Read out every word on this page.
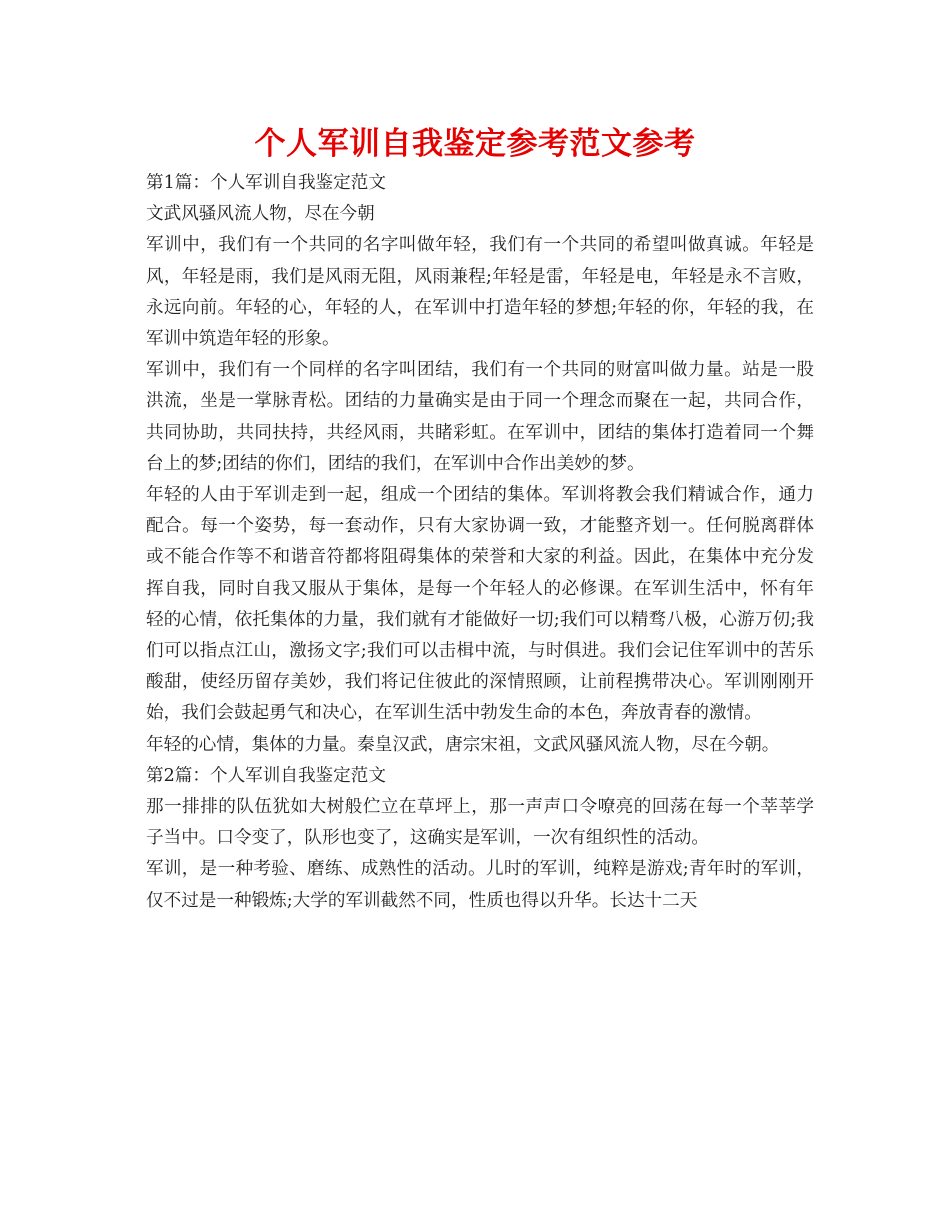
个人军训自我鉴定参考范文参考

第1篇：个人军训自我鉴定范文

文武风骚风流人物，尽在今朝

军训中，我们有一个共同的名字叫做年轻，我们有一个共同的希望叫做真诚。年轻是风，年轻是雨，我们是风雨无阻，风雨兼程;年轻是雷，年轻是电，年轻是永不言败，永远向前。年轻的心，年轻的人，在军训中打造年轻的梦想;年轻的你，年轻的我，在军训中筑造年轻的形象。

军训中，我们有一个同样的名字叫团结，我们有一个共同的财富叫做力量。站是一股洪流，坐是一掌脉青松。团结的力量确实是由于同一个理念而聚在一起，共同合作，共同协助，共同扶持，共经风雨，共睹彩虹。在军训中，团结的集体打造着同一个舞台上的梦;团结的你们，团结的我们，在军训中合作出美妙的梦。

年轻的人由于军训走到一起，组成一个团结的集体。军训将教会我们精诚合作，通力配合。每一个姿势，每一套动作，只有大家协调一致，才能整齐划一。任何脱离群体或不能合作等不和谐音符都将阻碍集体的荣誉和大家的利益。因此，在集体中充分发挥自我，同时自我又服从于集体，是每一个年轻人的必修课。在军训生活中，怀有年轻的心情，依托集体的力量，我们就有才能做好一切;我们可以精骛八极，心游万仞;我们可以指点江山，激扬文字;我们可以击楫中流，与时俱进。我们会记住军训中的苦乐酸甜，使经历留存美妙，我们将记住彼此的深情照顾，让前程携带决心。军训刚刚开始，我们会鼓起勇气和决心，在军训生活中勃发生命的本色，奔放青春的激情。

年轻的心情，集体的力量。秦皇汉武，唐宗宋祖，文武风骚风流人物，尽在今朝。

第2篇：个人军训自我鉴定范文

那一排排的队伍犹如大树般伫立在草坪上，那一声声口令嘹亮的回荡在每一个莘莘学子当中。口令变了，队形也变了，这确实是军训，一次有组织性的活动。

军训，是一种考验、磨练、成熟性的活动。儿时的军训，纯粹是游戏;青年时的军训，仅不过是一种锻炼;大学的军训截然不同，性质也得以升华。长达十二天
